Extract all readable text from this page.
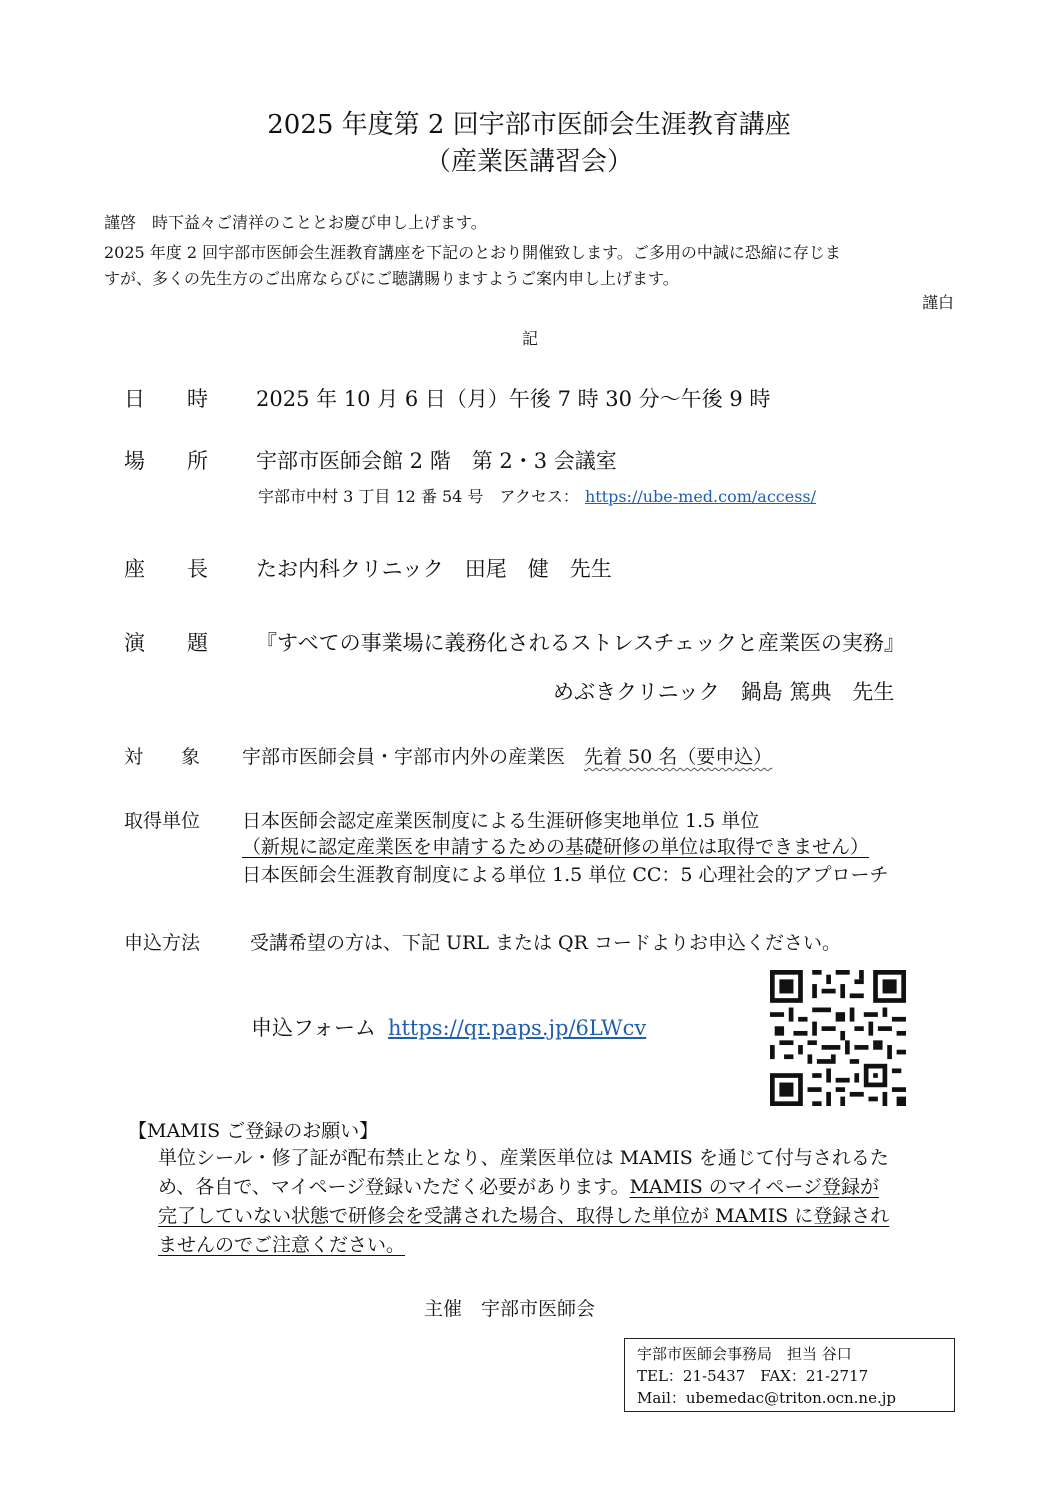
2025 年度第 2 回宇部市医師会生涯教育講座
（産業医講習会）
謹啓　時下益々ご清祥のこととお慶び申し上げます。
2025 年度 2 回宇部市医師会生涯教育講座を下記のとおり開催致します。ご多用の中誠に恐縮に存じま
すが、多くの先生方のご出席ならびにご聴講賜りますようご案内申し上げます。
謹白
記
日　　時 2025 年 10 月 6 日（月）午後 7 時 30 分～午後 9 時
場　　所 宇部市医師会館 2 階　第 2・3 会議室
宇部市中村 3 丁目 12 番 54 号　アクセス： https://ube-med.com/access/
座　　長 たお内科クリニック　田尾　健　先生
演　　題 『すべての事業場に義務化されるストレスチェックと産業医の実務』
めぶきクリニック　鍋島 篤典　先生
対　　象 宇部市医師会員・宇部市内外の産業医　先着 50 名（要申込）
取得単位 日本医師会認定産業医制度による生涯研修実地単位 1.5 単位
（新規に認定産業医を申請するための基礎研修の単位は取得できません）
日本医師会生涯教育制度による単位 1.5 単位 CC：5 心理社会的アプローチ
申込方法	受講希望の方は、下記 URL または QR コードよりお申込ください。
申込フォーム https://qr.paps.jp/6LWcv
【MAMIS ご登録のお願い】
単位シール・修了証が配布禁止となり、産業医単位は MAMIS を通じて付与されるた
め、各自で、マイページ登録いただく必要があります。MAMIS のマイページ登録が
完了していない状態で研修会を受講された場合、取得した単位が MAMIS に登録され
ませんのでご注意ください。
主催　宇部市医師会
宇部市医師会事務局　担当 谷口
TEL：21-5437　FAX：21-2717
Mail：ubemedac@triton.ocn.ne.jp
